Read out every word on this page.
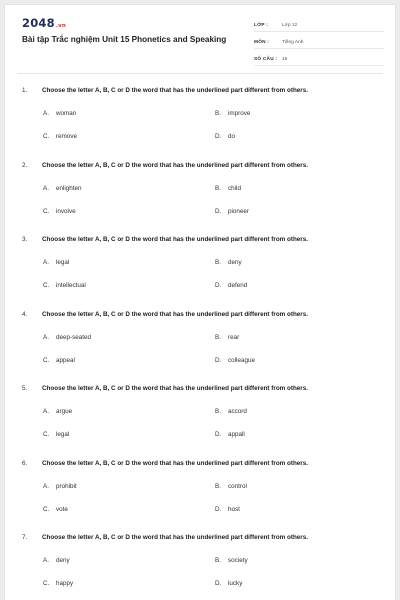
2048.vn
Bài tập Trắc nghiệm Unit 15 Phonetics and Speaking
LỚP :	Lớp 12
MÔN :	Tiếng Anh
SỐ CÂU :	15
1.	Choose the letter A, B, C or D the word that has the underlined part different from others.
A. woman	B. improve
C. remove	D. do
2.	Choose the letter A, B, C or D the word that has the underlined part different from others.
A. enlighten	B. child
C. involve	D. pioneer
3.	Choose the letter A, B, C or D the word that has the underlined part different from others.
A. legal	B. deny
C. intellectual	D. defend
4.	Choose the letter A, B, C or D the word that has the underlined part different from others.
A. deep-seated	B. rear
C. appeal	D. colleague
5.	Choose the letter A, B, C or D the word that has the underlined part different from others.
A. argue	B. accord
C. legal	D. appall
6.	Choose the letter A, B, C or D the word that has the underlined part different from others.
A. prohibit	B. control
C. vote	D. host
7.	Choose the letter A, B, C or D the word that has the underlined part different from others.
A. deny	B. society
C. happy	D. lucky
